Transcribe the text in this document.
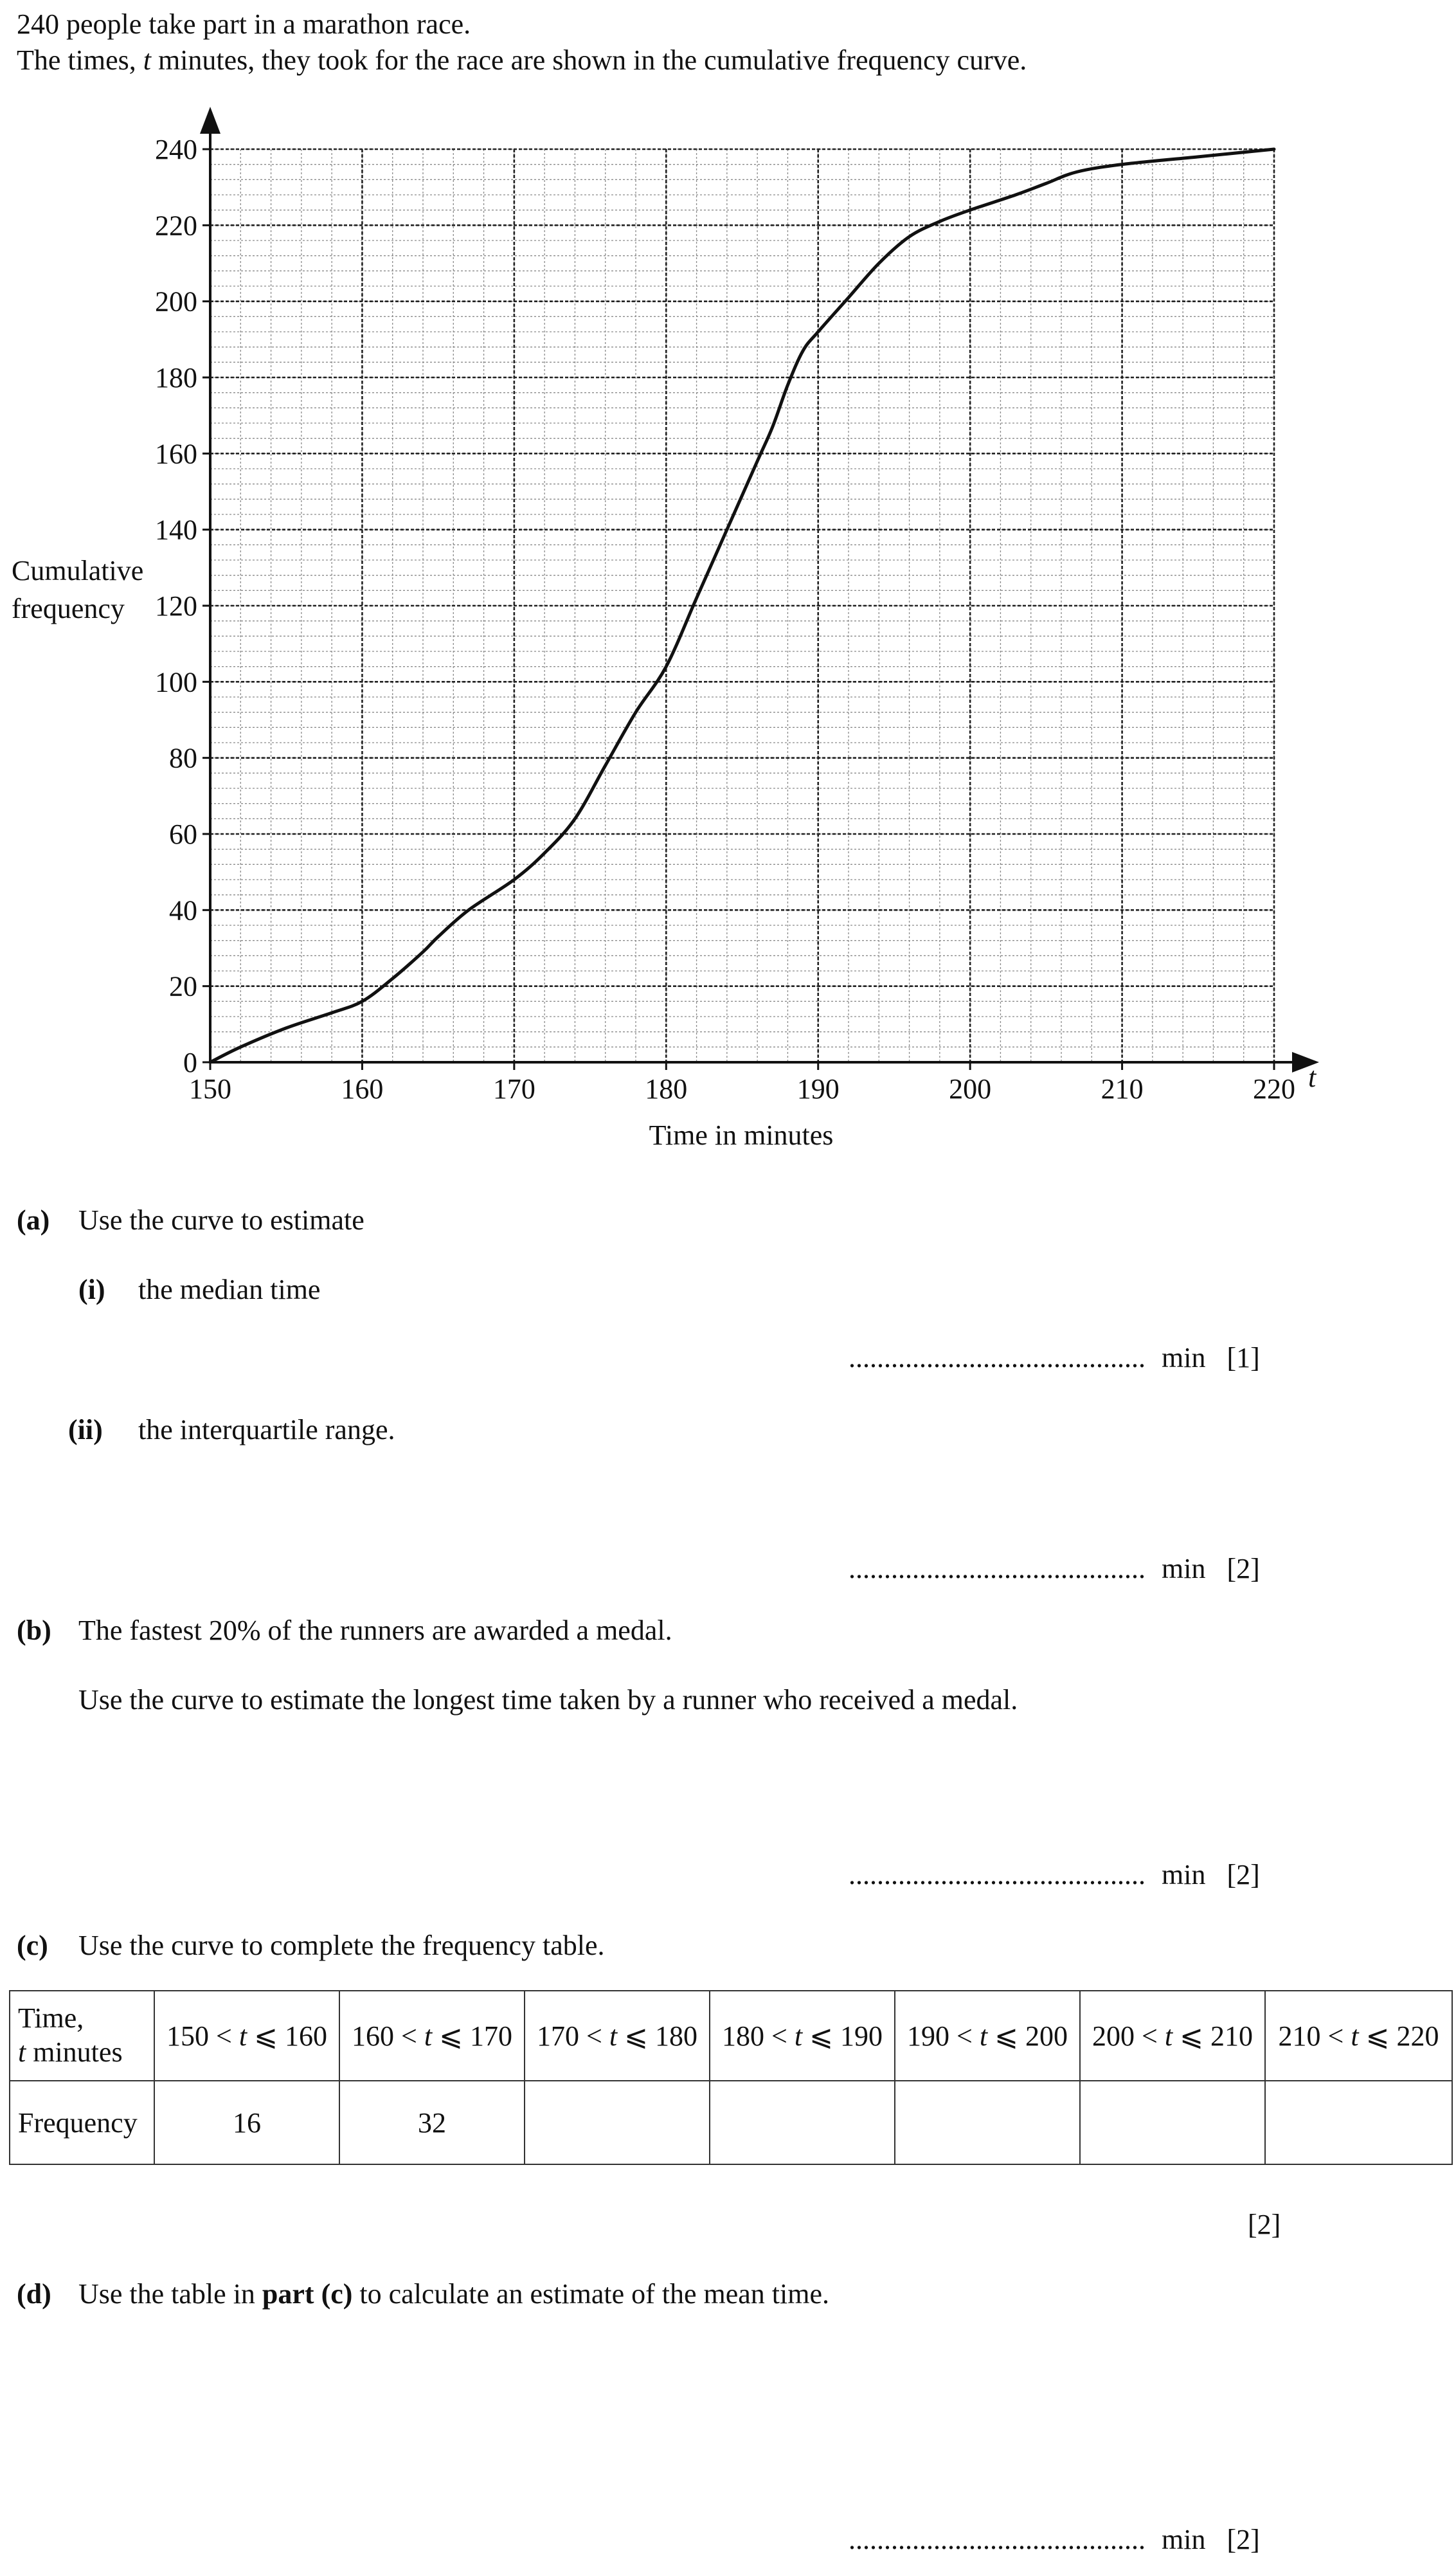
240 people take part in a marathon race.
The times, t minutes, they took for the race are shown in the cumulative frequency curve.
0
20
40
60
80
100
120
140
160
180
200
220
240
150	160	170	180	190	200	210	220
Cumulative
frequency
t
Time in minutes
(a) Use the curve to estimate
(i) the median time
.......................................... min [1]
(ii) the interquartile range.
.......................................... min [2]
(b) The fastest 20% of the runners are awarded a medal.
Use the curve to estimate the longest time taken by a runner who received a medal.
.......................................... min [2]
(c) Use the curve to complete the frequency table.
Time,
t minutes	150 < t ⩽ 160	160 < t ⩽ 170	170 < t ⩽ 180	180 < t ⩽ 190	190 < t ⩽ 200	200 < t ⩽ 210	210 < t ⩽ 220
Frequency	16	32					
[2]
(d) Use the table in part (c) to calculate an estimate of the mean time.
.......................................... min [2]
